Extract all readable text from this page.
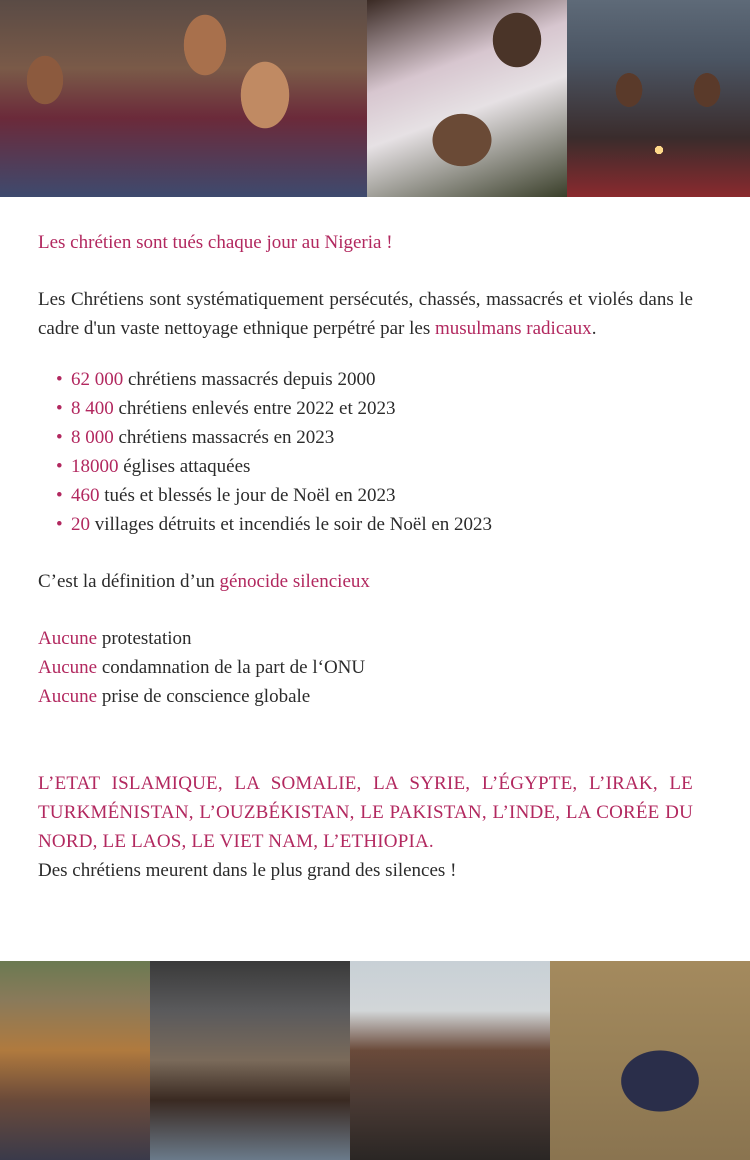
Les chrétien sont tués chaque jour au Nigeria !

Les Chrétiens sont systématiquement persécutés, chassés, massacrés et violés dans le cadre d'un vaste nettoyage ethnique perpétré par les musulmans radicaux.

• 62 000 chrétiens massacrés depuis 2000
• 8 400 chrétiens enlevés entre 2022 et 2023
• 8 000 chrétiens massacrés en 2023
• 18000 églises attaquées
• 460 tués et blessés le jour de Noël en 2023
• 20 villages détruits et incendiés le soir de Noël en 2023

C’est la définition d’un génocide silencieux

Aucune protestation
Aucune condamnation de la part de l‘ONU
Aucune prise de conscience globale

L’ETAT ISLAMIQUE, LA SOMALIE, LA SYRIE, L’ÉGYPTE, L’IRAK, LE TURKMÉNISTAN, L’OUZBÉKISTAN, LE PAKISTAN, L’INDE, LA CORÉE DU NORD, LE LAOS, LE VIET NAM, L’ETHIOPIA.

Des chrétiens meurent dans le plus grand des silences !
